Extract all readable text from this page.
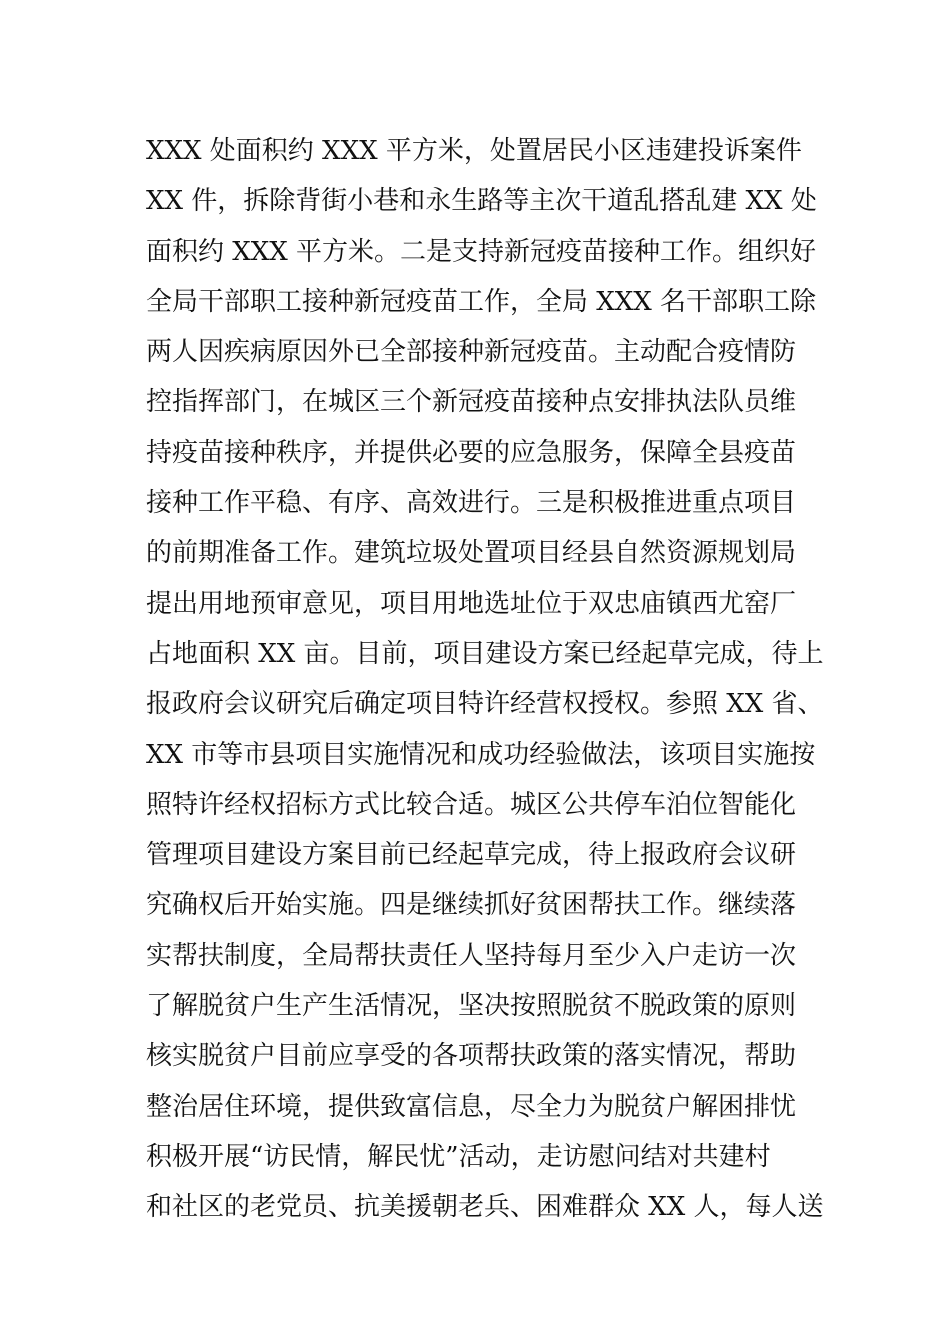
XXX 处面积约 XXX 平方米，处置居民小区违建投诉案件
XX 件，拆除背街小巷和永生路等主次干道乱搭乱建 XX 处
面积约 XXX 平方米。二是支持新冠疫苗接种工作。组织好
全局干部职工接种新冠疫苗工作，全局 XXX 名干部职工除
两人因疾病原因外已全部接种新冠疫苗。主动配合疫情防
控指挥部门，在城区三个新冠疫苗接种点安排执法队员维
持疫苗接种秩序，并提供必要的应急服务，保障全县疫苗
接种工作平稳、有序、高效进行。三是积极推进重点项目
的前期准备工作。建筑垃圾处置项目经县自然资源规划局
提出用地预审意见，项目用地选址位于双忠庙镇西尤窑厂
占地面积 XX 亩。目前，项目建设方案已经起草完成，待上
报政府会议研究后确定项目特许经营权授权。参照 XX 省、
XX 市等市县项目实施情况和成功经验做法，该项目实施按
照特许经权招标方式比较合适。城区公共停车泊位智能化
管理项目建设方案目前已经起草完成，待上报政府会议研
究确权后开始实施。四是继续抓好贫困帮扶工作。继续落
实帮扶制度，全局帮扶责任人坚持每月至少入户走访一次
了解脱贫户生产生活情况，坚决按照脱贫不脱政策的原则
核实脱贫户目前应享受的各项帮扶政策的落实情况，帮助
整治居住环境，提供致富信息，尽全力为脱贫户解困排忧
积极开展“访民情，解民忧”活动，走访慰问结对共建村
和社区的老党员、抗美援朝老兵、困难群众 XX 人，每人送
